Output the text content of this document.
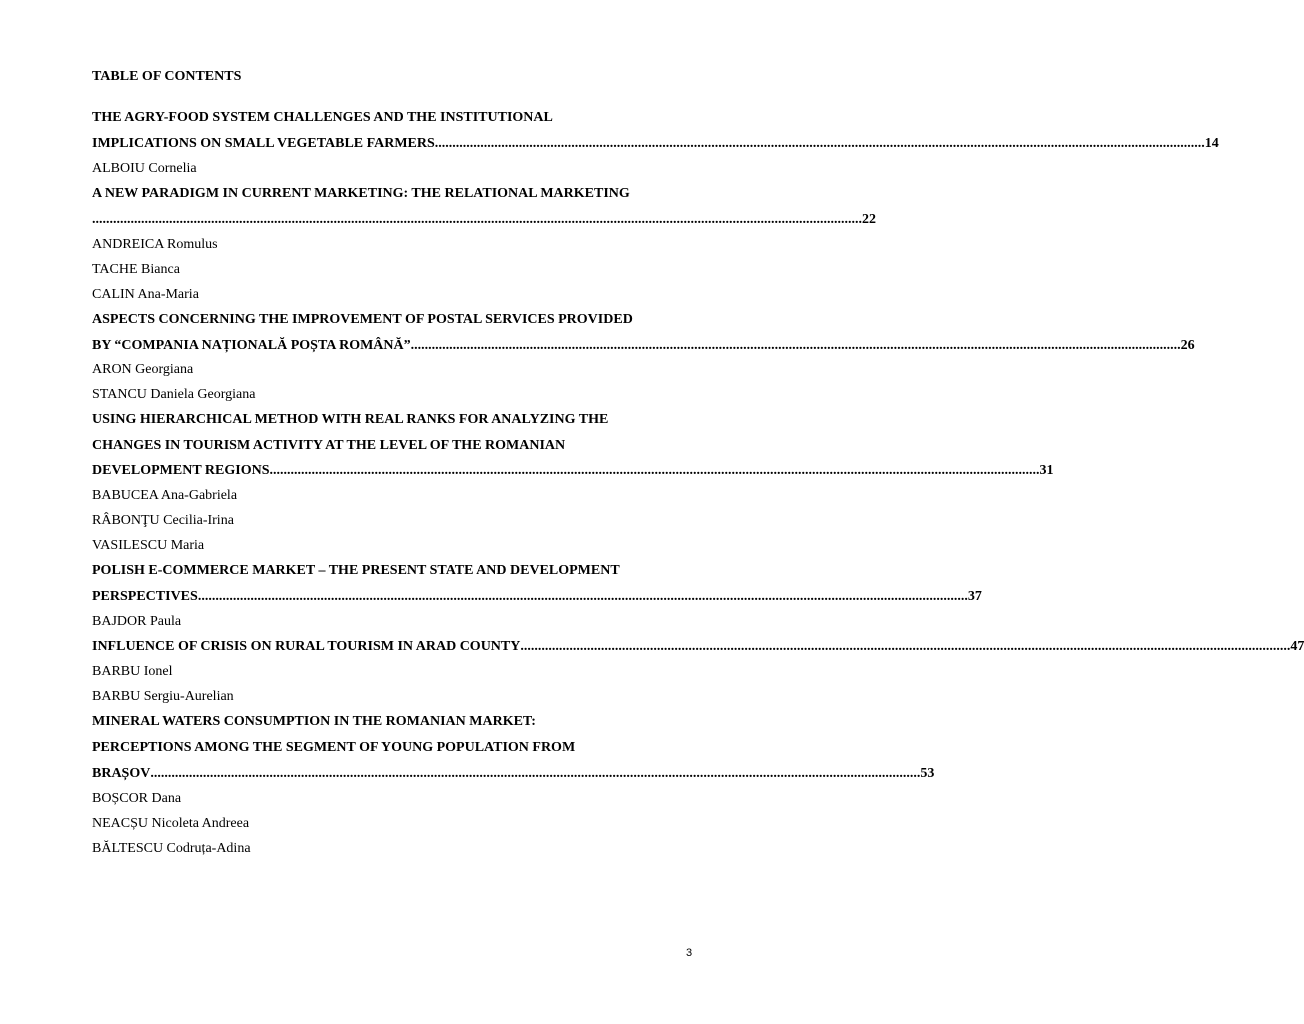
TABLE OF CONTENTS
THE AGRY-FOOD SYSTEM CHALLENGES AND THE INSTITUTIONAL
IMPLICATIONS ON SMALL VEGETABLE FARMERS ............................................................................................................................................................................................................................ 14
ALBOIU Cornelia
A NEW PARADIGM IN CURRENT MARKETING: THE RELATIONAL MARKETING
............................................................................................................................................................................................................................ 22
ANDREICA Romulus
TACHE Bianca
CALIN Ana-Maria
ASPECTS CONCERNING THE IMPROVEMENT OF POSTAL SERVICES PROVIDED
BY “COMPANIA NAȚIONALĂ POȘTA ROMÂNĂ” ............................................................................................................................................................................................................................ 26
ARON Georgiana
STANCU Daniela Georgiana
USING HIERARCHICAL METHOD WITH REAL RANKS FOR ANALYZING THE
CHANGES IN TOURISM ACTIVITY AT THE LEVEL OF THE ROMANIAN
DEVELOPMENT REGIONS ............................................................................................................................................................................................................................ 31
BABUCEA Ana-Gabriela
RÂBONŢU Cecilia-Irina
VASILESCU Maria
POLISH E-COMMERCE MARKET – THE PRESENT STATE AND DEVELOPMENT
PERSPECTIVES ............................................................................................................................................................................................................................ 37
BAJDOR Paula
INFLUENCE OF CRISIS ON RURAL TOURISM IN ARAD COUNTY ............................................................................................................................................................................................................................ 47
BARBU Ionel
BARBU Sergiu-Aurelian
MINERAL WATERS CONSUMPTION IN THE ROMANIAN MARKET:
PERCEPTIONS AMONG THE SEGMENT OF YOUNG POPULATION FROM
BRAȘOV ............................................................................................................................................................................................................................ 53
BOȘCOR Dana
NEACȘU Nicoleta Andreea
BĂLTESCU Codruța-Adina
3
